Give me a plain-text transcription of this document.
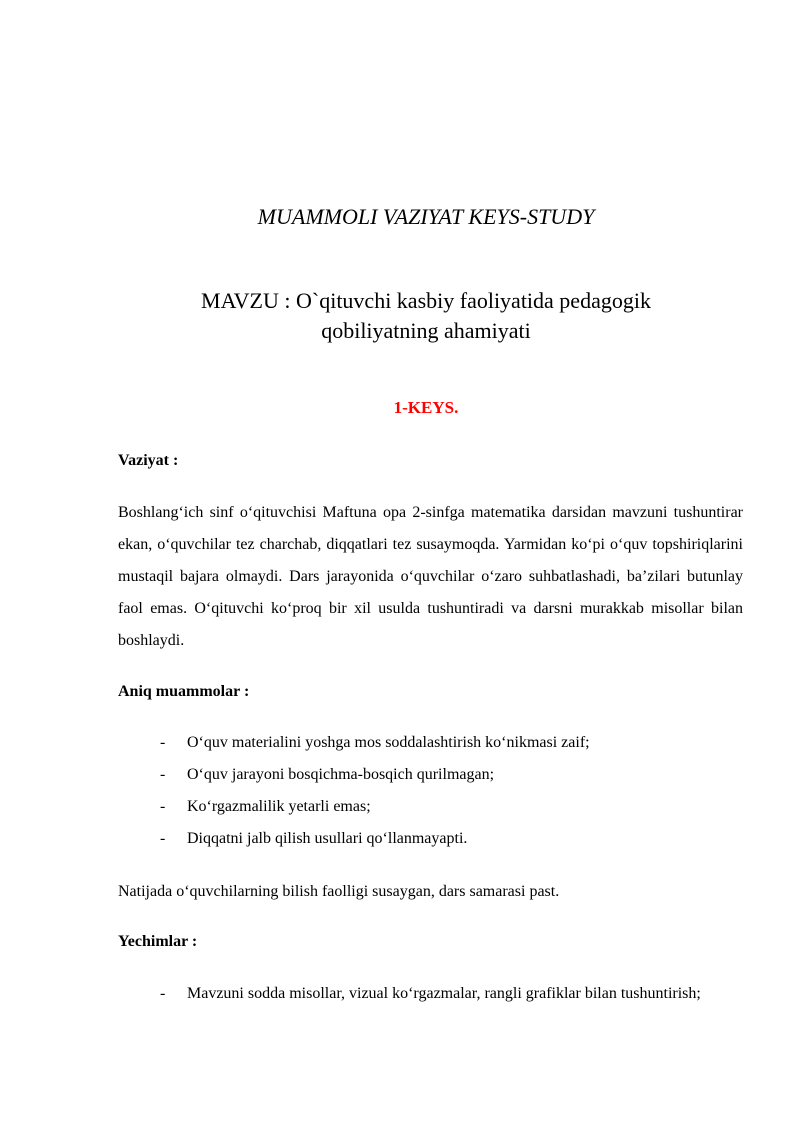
MUAMMOLI VAZIYAT KEYS-STUDY
MAVZU : O`qituvchi kasbiy faoliyatida pedagogik
qobiliyatning ahamiyati

1-KEYS.

Vaziyat :

Boshlang‘ich sinf o‘qituvchisi Maftuna opa 2-sinfga matematika darsidan mavzuni tushuntirar ekan, o‘quvchilar tez charchab, diqqatlari tez susaymoqda. Yarmidan ko‘pi o‘quv topshiriqlarini mustaqil bajara olmaydi. Dars jarayonida o‘quvchilar o‘zaro suhbatlashadi, ba’zilari butunlay faol emas. O‘qituvchi ko‘proq bir xil usulda tushuntiradi va darsni murakkab misollar bilan boshlaydi.

Aniq muammolar :

- O‘quv materialini yoshga mos soddalashtirish ko‘nikmasi zaif;
- O‘quv jarayoni bosqichma-bosqich qurilmagan;
- Ko‘rgazmalilik yetarli emas;
- Diqqatni jalb qilish usullari qo‘llanmayapti.

Natijada o‘quvchilarning bilish faolligi susaygan, dars samarasi past.

Yechimlar :

- Mavzuni sodda misollar, vizual ko‘rgazmalar, rangli grafiklar bilan tushuntirish;
